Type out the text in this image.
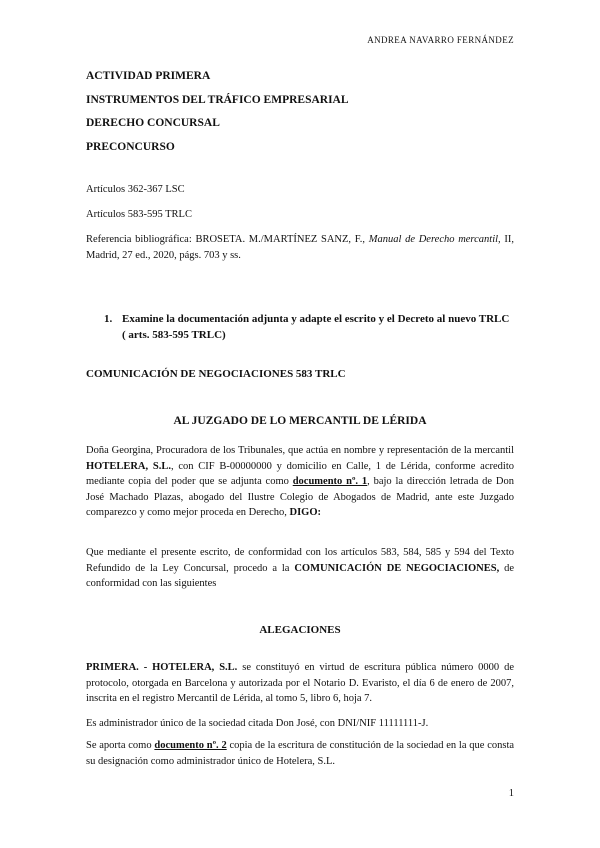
ANDREA NAVARRO FERNÁNDEZ
ACTIVIDAD PRIMERA
INSTRUMENTOS DEL TRÁFICO EMPRESARIAL
DERECHO CONCURSAL
PRECONCURSO

Artículos 362-367 LSC

Artículos 583-595 TRLC

Referencia bibliográfica: BROSETA. M./MARTÍNEZ SANZ, F., Manual de Derecho mercantil, II, Madrid, 27 ed., 2020, págs. 703 y ss.

1. Examine la documentación adjunta y adapte el escrito y el Decreto al nuevo TRLC ( arts. 583-595 TRLC)
COMUNICACIÓN DE NEGOCIACIONES 583 TRLC
AL JUZGADO DE LO MERCANTIL DE LÉRIDA
Doña Georgina, Procuradora de los Tribunales, que actúa en nombre y representación de la mercantil HOTELERA, S.L., con CIF B-00000000 y domicilio en Calle, 1 de Lérida, conforme acredito mediante copia del poder que se adjunta como documento nº. 1, bajo la dirección letrada de Don José Machado Plazas, abogado del Ilustre Colegio de Abogados de Madrid, ante este Juzgado comparezco y como mejor proceda en Derecho, DIGO:
Que mediante el presente escrito, de conformidad con los artículos 583, 584, 585 y 594 del Texto Refundido de la Ley Concursal, procedo a la COMUNICACIÓN DE NEGOCIACIONES, de conformidad con las siguientes
ALEGACIONES
PRIMERA. - HOTELERA, S.L. se constituyó en virtud de escritura pública número 0000 de protocolo, otorgada en Barcelona y autorizada por el Notario D. Evaristo, el día 6 de enero de 2007, inscrita en el registro Mercantil de Lérida, al tomo 5, libro 6, hoja 7.
Es administrador único de la sociedad citada Don José, con DNI/NIF 11111111-J.
Se aporta como documento nº. 2 copia de la escritura de constitución de la sociedad en la que consta su designación como administrador único de Hotelera, S.L.
1
